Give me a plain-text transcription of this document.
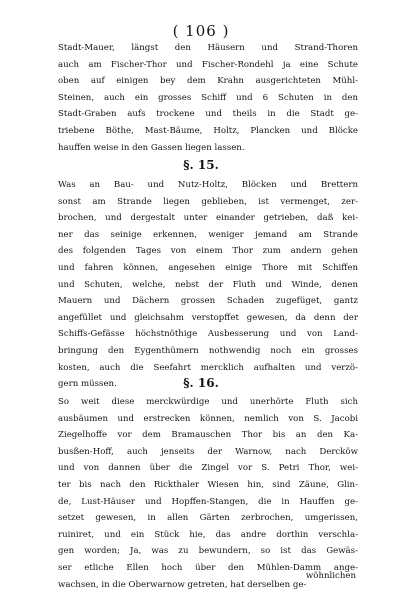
( 106 )
Stadt-Mauer, längst den Häusern und Strand-Thoren
auch am Fischer-Thor und Fischer-Rondehl ja eine Schute
oben auf einigen bey dem Krahn ausgerichteten Mühl-
Steinen, auch ein grosses Schiff und 6 Schuten in den
Stadt-Graben aufs trockene und theils in die Stadt ge-
triebene Böthe, Mast-Bäume, Holtz, Plancken und Blöcke
hauffen weise in den Gassen liegen lassen.
§. 15.
Was an Bau- und Nutz-Holtz, Blöcken und Brettern
sonst am Strande liegen geblieben, ist vermenget, zer-
brochen, und dergestalt unter einander getrieben, daß kei-
ner das seinige erkennen, weniger jemand am Strande
des folgenden Tages von einem Thor zum andern gehen
und fahren können, angesehen einige Thore mit Schiffen
und Schuten, welche, nebst der Fluth und Winde, denen
Mauern und Dächern grossen Schaden zugefüget, gantz
angefüllet und gleichsahm verstopffet gewesen, da denn der
Schiffs-Gefässe höchstnöthige Ausbesserung und von Land-
bringung den Eygenthümern nothwendig noch ein grosses
kosten, auch die Seefahrt mercklich aufhalten und verzö-
gern müssen.	§. 16.
So weit diese merckwürdige und unerhörte Fluth sich
ausbäumen und erstrecken können, nemlich von S. Jacobi
Ziegelhoffe vor dem Bramauschen Thor bis an den Ka-
busßen-Hoff, auch jenseits der Warnow, nach Dercköw
und von dannen über die Zingel vor S. Petri Thor, wei-
ter bis nach den Rickthaler Wiesen hin, sind Zäune, Glin-
de, Lust-Häuser und Hopffen-Stangen, die in Hauffen ge-
setzet gewesen, in allen Gärten zerbrochen, umgerissen,
ruiniret, und ein Stück hie, das andre dorthin verschla-
gen worden; Ja, was zu bewundern, so ist das Gewäs-
ser etliche Ellen hoch über den Mühlen-Damm ange-
wachsen, in die Oberwarnow getreten, hat derselben ge-
wöhnlichen
